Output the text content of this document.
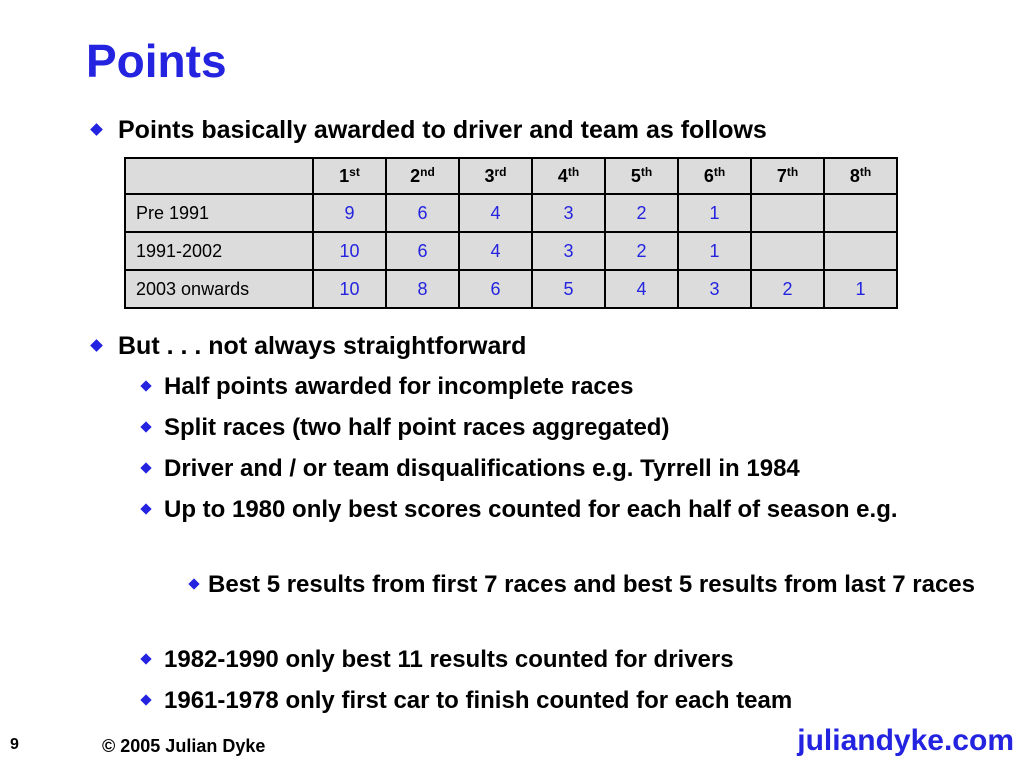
Points
Points basically awarded to driver and team as follows
	1st	2nd	3rd	4th	5th	6th	7th	8th
Pre 1991	9	6	4	3	2	1		
1991-2002	10	6	4	3	2	1		
2003 onwards	10	8	6	5	4	3	2	1
But . . . not always straightforward
Half points awarded for incomplete races
Split races (two half point races aggregated)
Driver and / or team disqualifications e.g. Tyrrell in 1984
Up to 1980 only best scores counted for each half of season e.g.
Best 5 results from first 7 races and best 5 results from last 7 races
1982-1990 only best 11 results counted for drivers
1961-1978 only first car to finish counted for each team
9	© 2005 Julian Dyke	juliandyke.com
